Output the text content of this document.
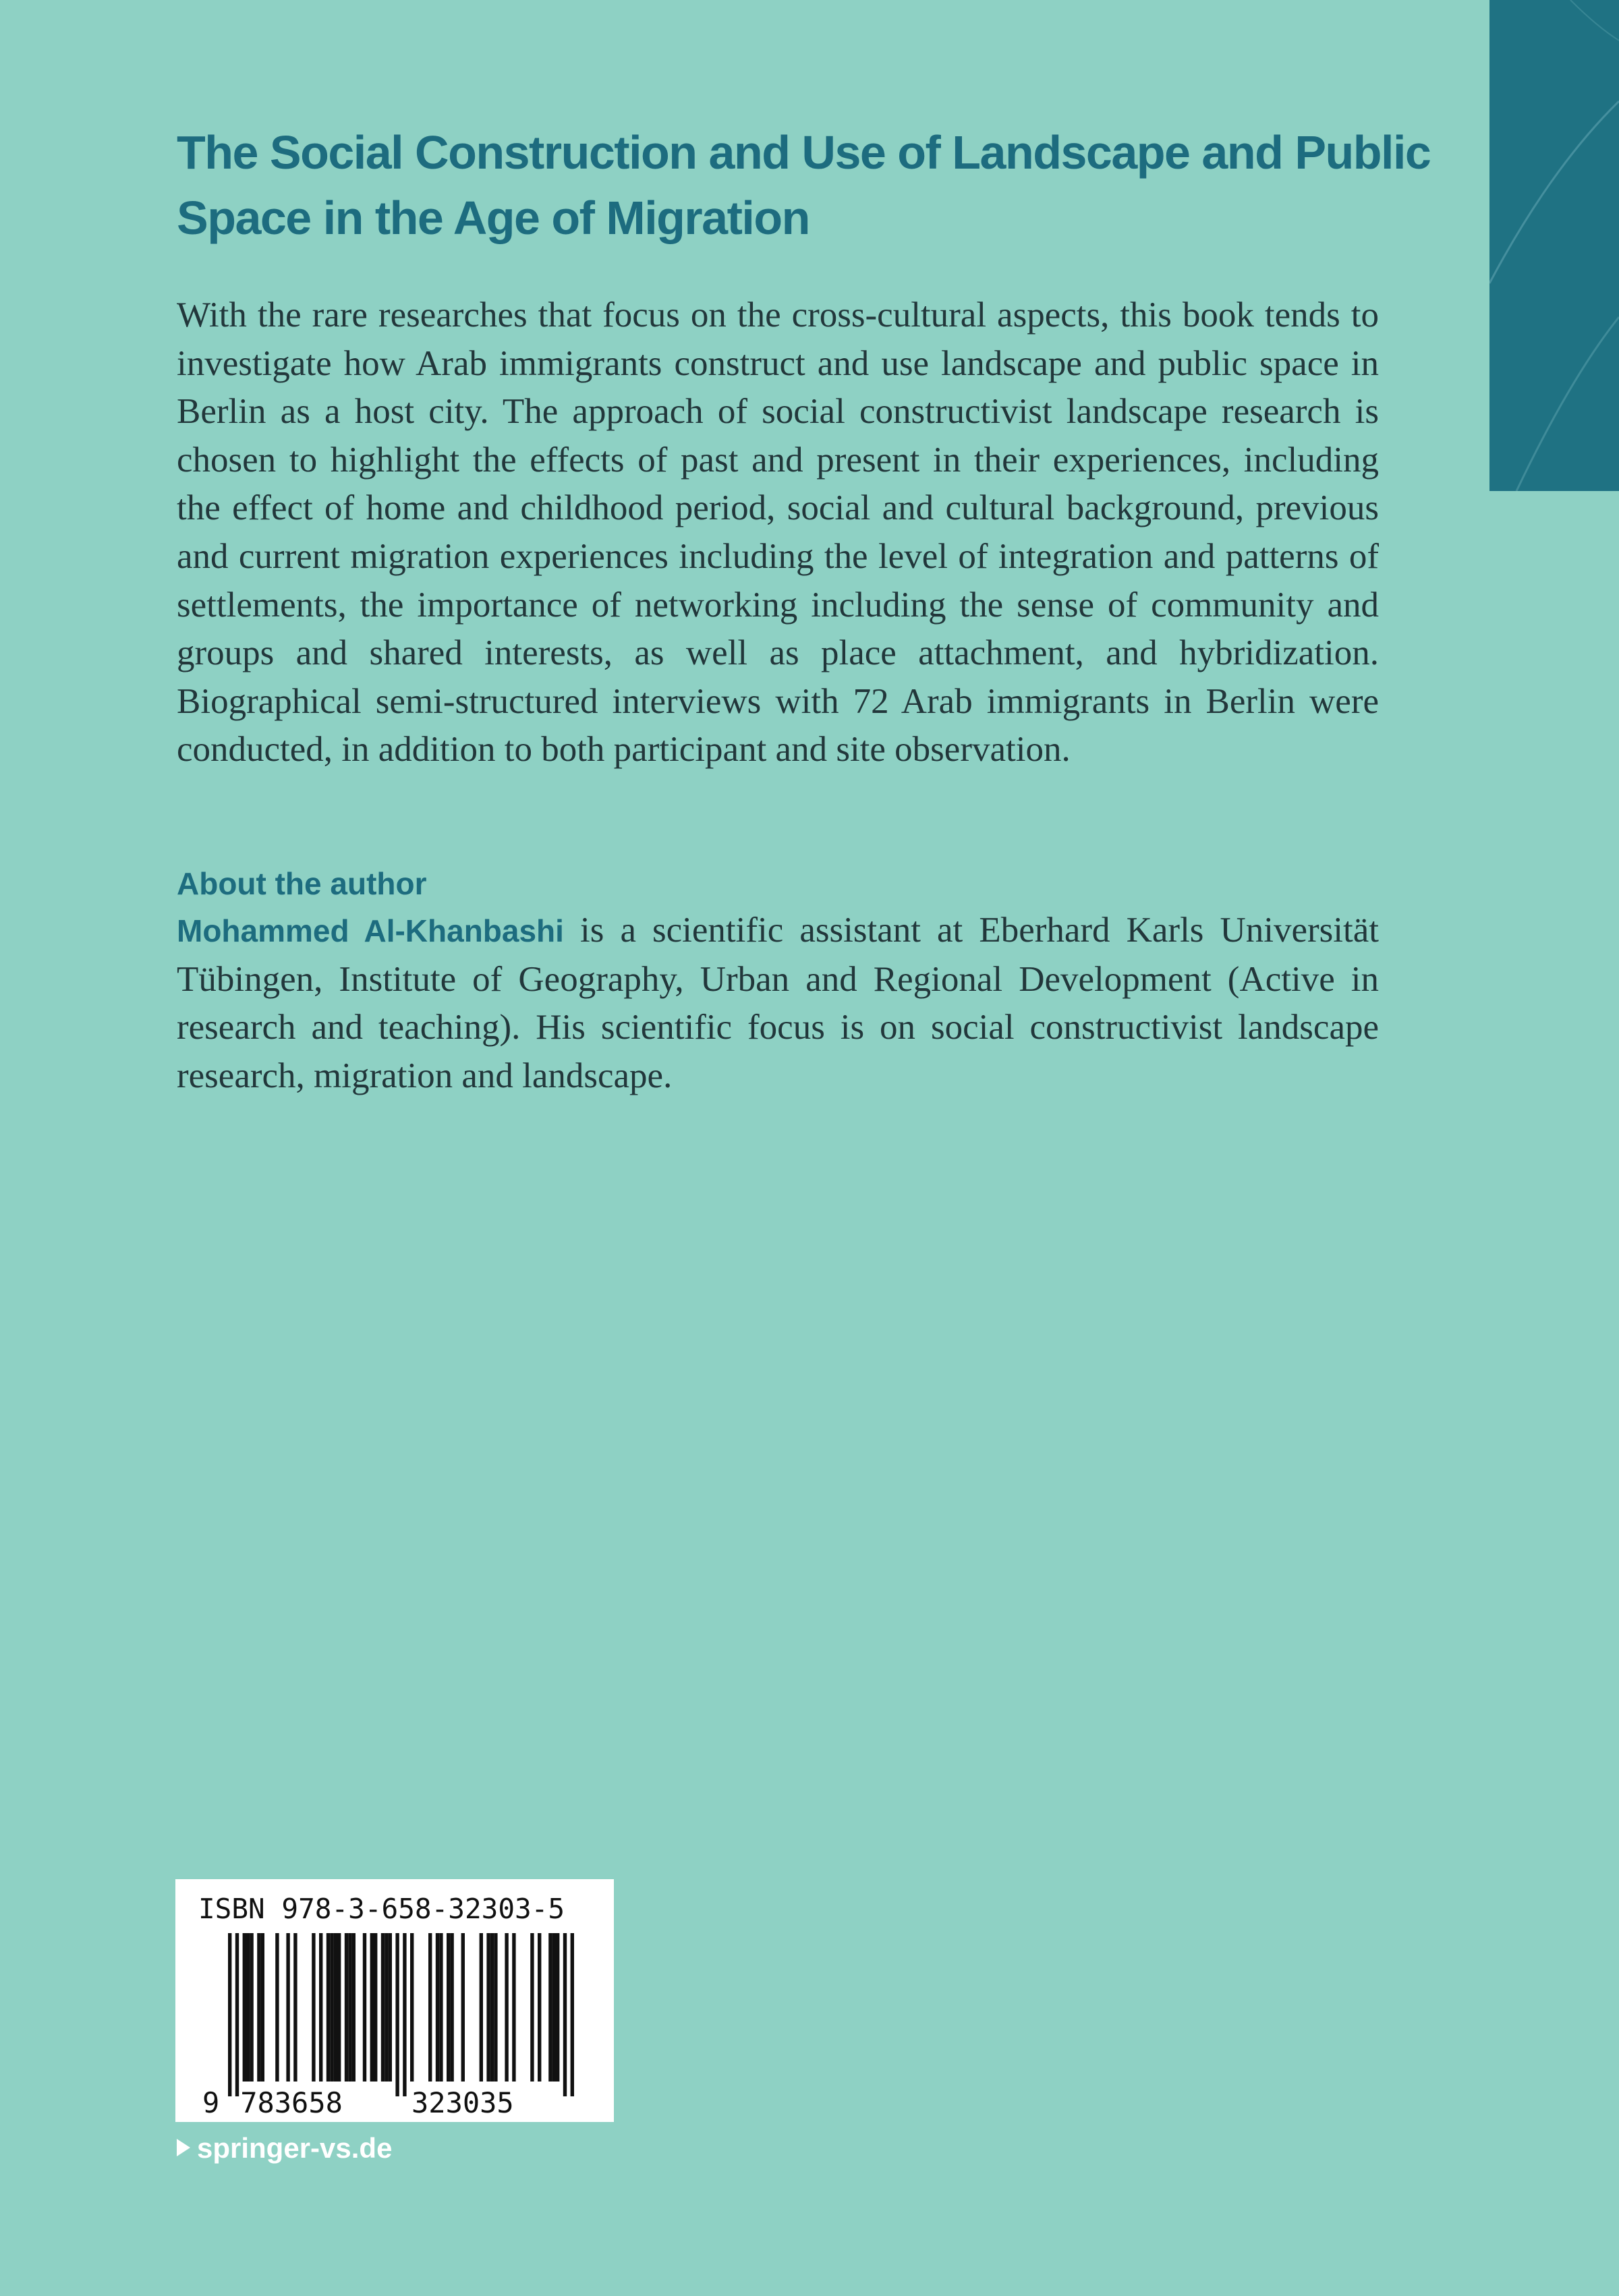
The Social Construction and Use of Landscape and Public Space in the Age of Migration

With the rare researches that focus on the cross-cultural aspects, this book tends to investigate how Arab immigrants construct and use landscape and public space in Berlin as a host city. The approach of social constructivist landscape research is chosen to highlight the effects of past and present in their experiences, including the effect of home and childhood period, social and cultural background, previous and current migration experiences including the level of integration and patterns of settlements, the importance of networking including the sense of community and groups and shared interests, as well as place attachment, and hybridization. Biographical semi-structured interviews with 72 Arab immigrants in Berlin were conducted, in addition to both participant and site observation.

About the author

Mohammed Al-Khanbashi is a scientific assistant at Eberhard Karls Universität Tübingen, Institute of Geography, Urban and Regional Development (Active in research and teaching). His scientific focus is on social constructivist landscape research, migration and landscape.

ISBN 978-3-658-32303-5
9 783658 323035
springer-vs.de
